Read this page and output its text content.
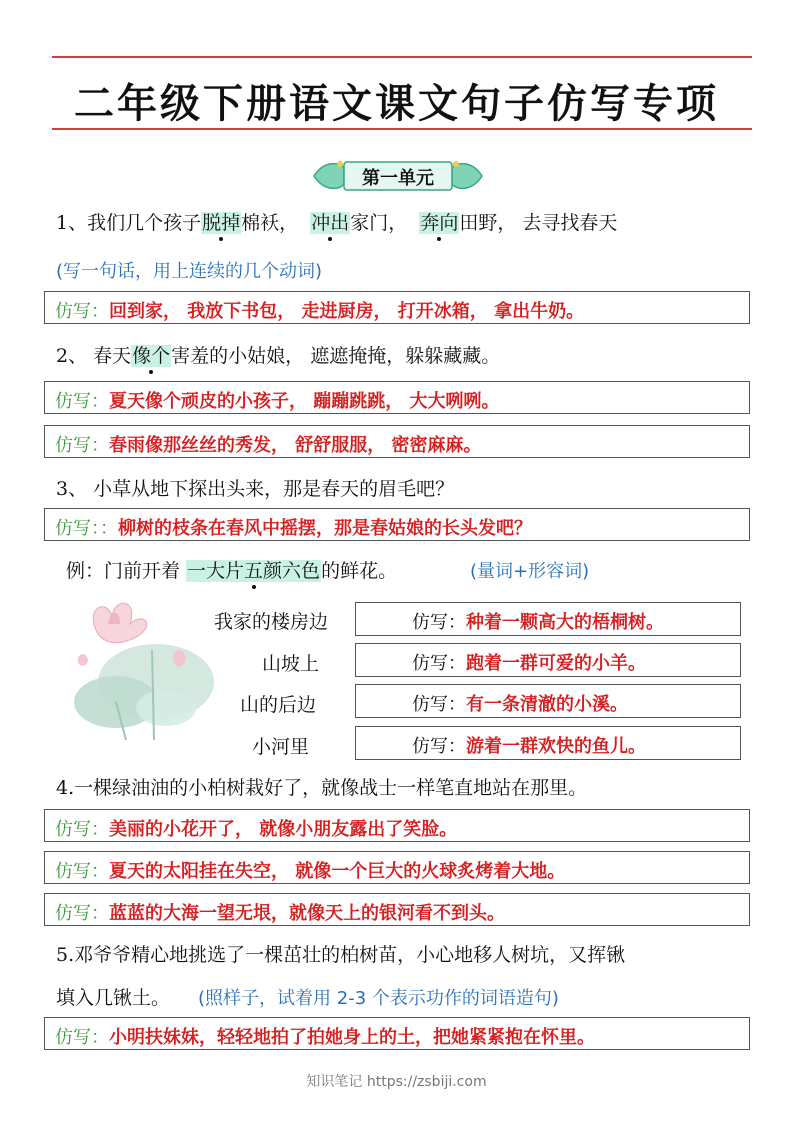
二年级下册语文课文句子仿写专项
第一单元
1、我们几个孩子脱掉棉袄， 冲出家门， 奔向田野， 去寻找春天
(写一句话，用上连续的几个动词)
仿写：回到家， 我放下书包， 走进厨房， 打开冰箱， 拿出牛奶。
2、 春天像个害羞的小姑娘， 遮遮掩掩，躲躲藏藏。
仿写：夏天像个顽皮的小孩子， 蹦蹦跳跳， 大大咧咧。
仿写：春雨像那丝丝的秀发， 舒舒服服， 密密麻麻。
3、 小草从地下探出头来，那是春天的眉毛吧？
仿写：：柳树的枝条在春风中摇摆，那是春姑娘的长头发吧？
例：门前开着 一大片五颜六色的鲜花。	(量词+形容词)
我家的楼房边	仿写：种着一颗高大的梧桐树。
山坡上	仿写：跑着一群可爱的小羊。
山的后边	仿写：有一条清澈的小溪。
小河里	仿写：游着一群欢快的鱼儿。
4.一棵绿油油的小柏树栽好了，就像战士一样笔直地站在那里。
仿写：美丽的小花开了， 就像小朋友露出了笑脸。
仿写：夏天的太阳挂在失空， 就像一个巨大的火球炙烤着大地。
仿写：蓝蓝的大海一望无垠，就像天上的银河看不到头。
5.邓爷爷精心地挑选了一棵茁壮的柏树苗，小心地移人树坑，又挥锹
填入几锹土。 (照样子，试着用 2-3 个表示功作的词语造句)
仿写：小明扶妹妹，轻轻地拍了拍她身上的土，把她紧紧抱在怀里。
知识笔记 https://zsbiji.com
